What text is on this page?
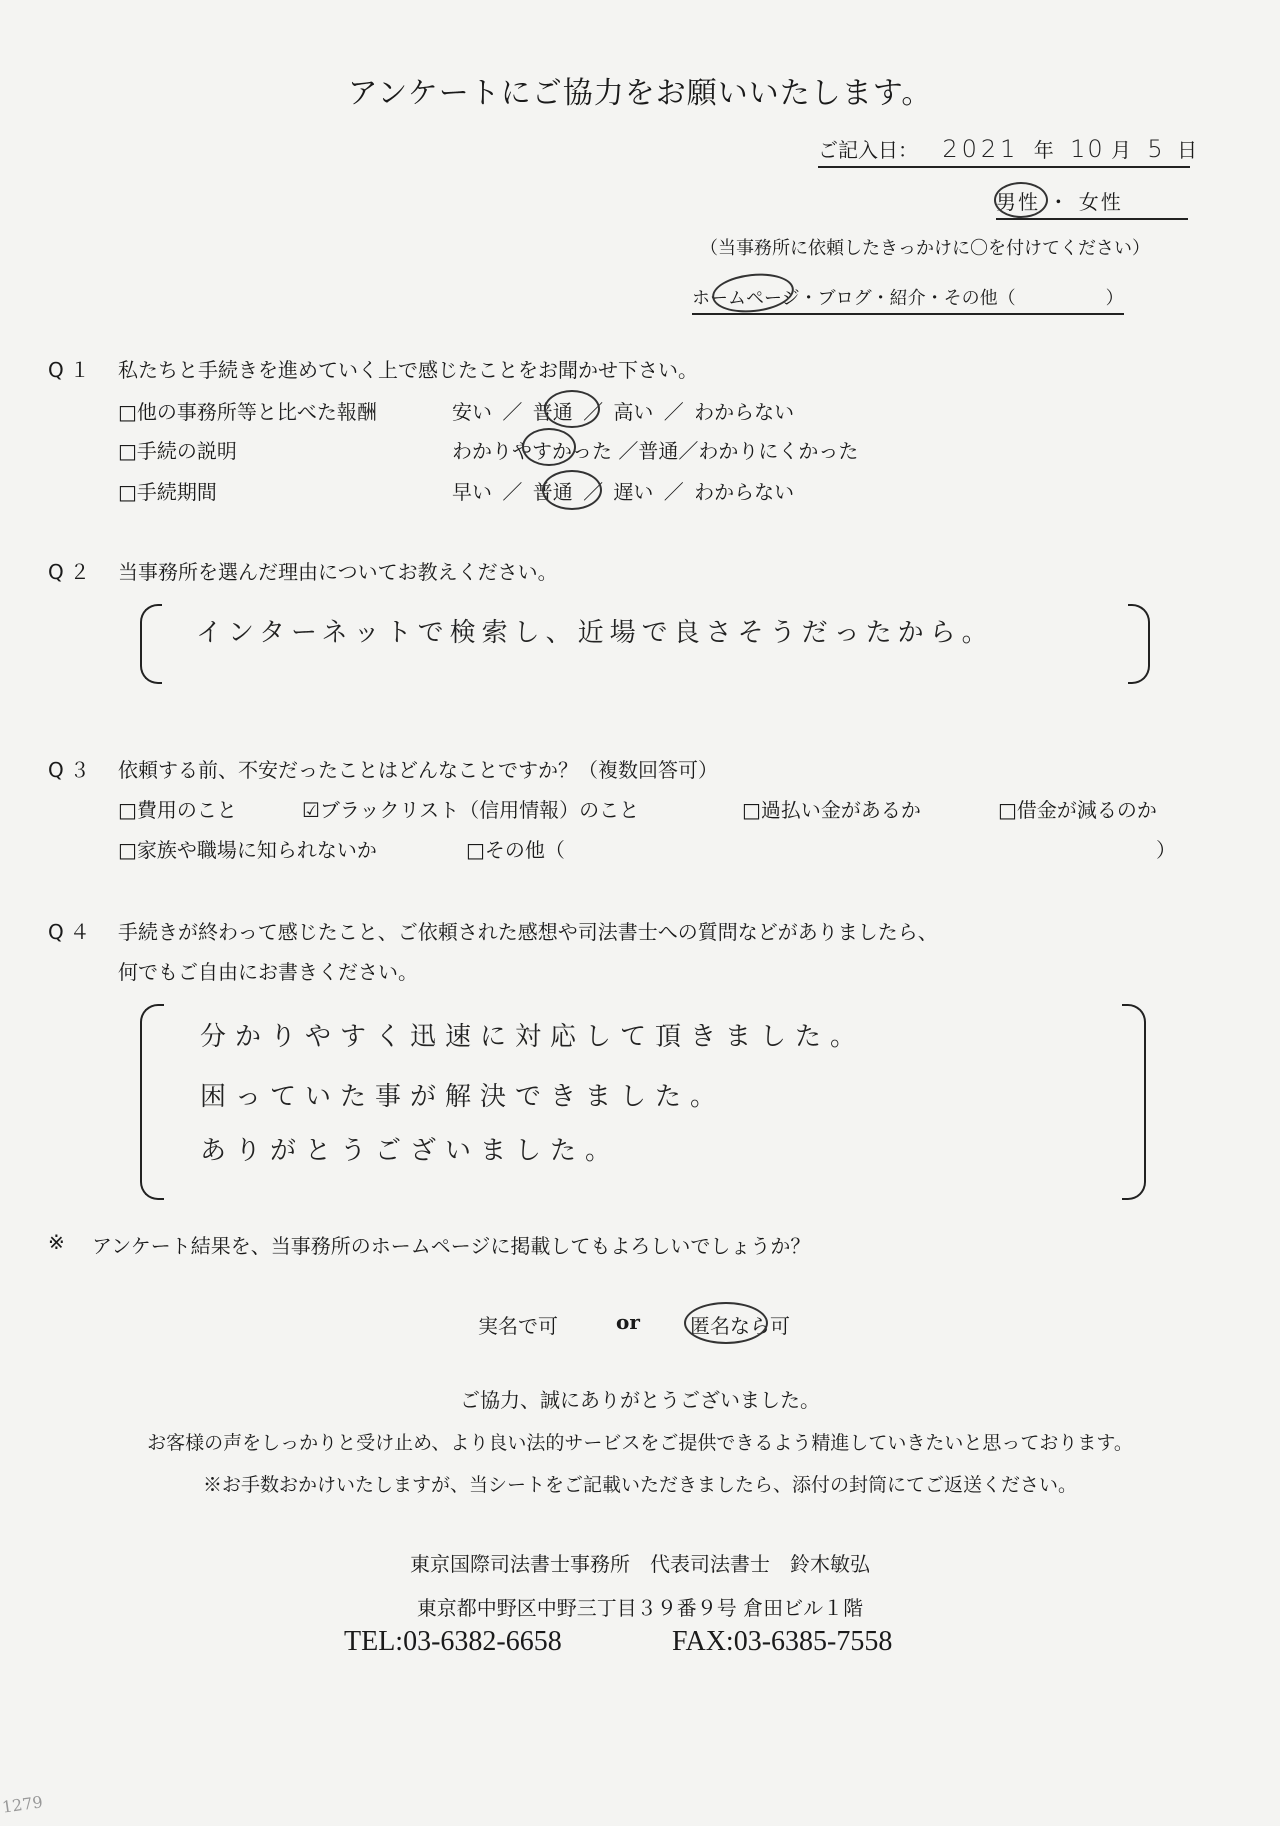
アンケートにご協力をお願いいたします。
ご記入日： 2021 年 10 月 5 日
男性 ・ 女性
（当事務所に依頼したきっかけに〇を付けてください）
ホームページ・ブログ・紹介・その他（　　　　　）
Q１ 私たちと手続きを進めていく上で感じたことをお聞かせ下さい。
□他の事務所等と比べた報酬	安い ／ 普通 ／ 高い ／ わからない
□手続の説明	わかりやすかった ／普通／わかりにくかった
□手続期間	早い ／ 普通 ／ 遅い ／ わからない
Q２ 当事務所を選んだ理由についてお教えください。
インターネットで検索し、近場で良さそうだったから。
Q３ 依頼する前、不安だったことはどんなことですか？（複数回答可）
□費用のこと	☑ブラックリスト（信用情報）のこと	□過払い金があるか	□借金が減るのか
□家族や職場に知られないか	□その他（	）
Q４ 手続きが終わって感じたこと、ご依頼された感想や司法書士への質問などがありましたら、
何でもご自由にお書きください。
分かりやすく迅速に対応して頂きました。
困っていた事が解決できました。
ありがとうございました。
※ アンケート結果を、当事務所のホームページに掲載してもよろしいでしょうか？
実名で可	or	匿名なら可
ご協力、誠にありがとうございました。
お客様の声をしっかりと受け止め、より良い法的サービスをご提供できるよう精進していきたいと思っております。
※お手数おかけいたしますが、当シートをご記載いただきましたら、添付の封筒にてご返送ください。
東京国際司法書士事務所　代表司法書士　鈴木敏弘
東京都中野区中野三丁目３９番９号 倉田ビル１階
TEL:03-6382-6658	FAX:03-6385-7558
1279
